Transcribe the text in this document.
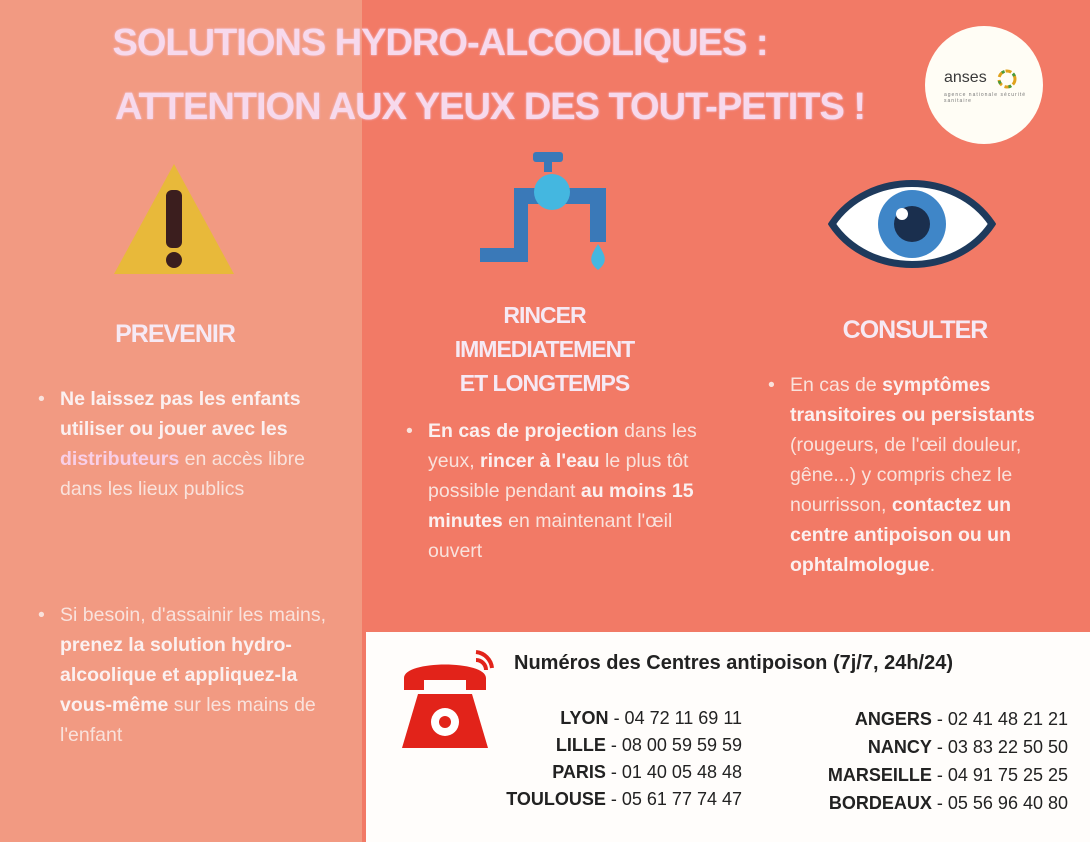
SOLUTIONS HYDRO-ALCOOLIQUES :
ATTENTION AUX YEUX DES TOUT-PETITS !
anses
agence nationale sécurité sanitaire
PREVENIR
RINCER
IMMEDIATEMENT
ET LONGTEMPS
CONSULTER
• Ne laissez pas les enfants utiliser ou jouer avec les distributeurs en accès libre dans les lieux publics
• Si besoin, d'assainir les mains, prenez la solution hydro-alcoolique et appliquez-la vous-même sur les mains de l'enfant
• En cas de projection dans les yeux, rincer à l'eau le plus tôt possible pendant au moins 15 minutes en maintenant l'œil ouvert
• En cas de symptômes transitoires ou persistants (rougeurs, de l'œil douleur, gêne...) y compris chez le nourrisson, contactez un centre antipoison ou un ophtalmologue.
Numéros des Centres antipoison (7j/7, 24h/24)
LYON - 04 72 11 69 11
LILLE - 08 00 59 59 59
PARIS - 01 40 05 48 48
TOULOUSE - 05 61 77 74 47
ANGERS - 02 41 48 21 21
NANCY - 03 83 22 50 50
MARSEILLE - 04 91 75 25 25
BORDEAUX - 05 56 96 40 80
